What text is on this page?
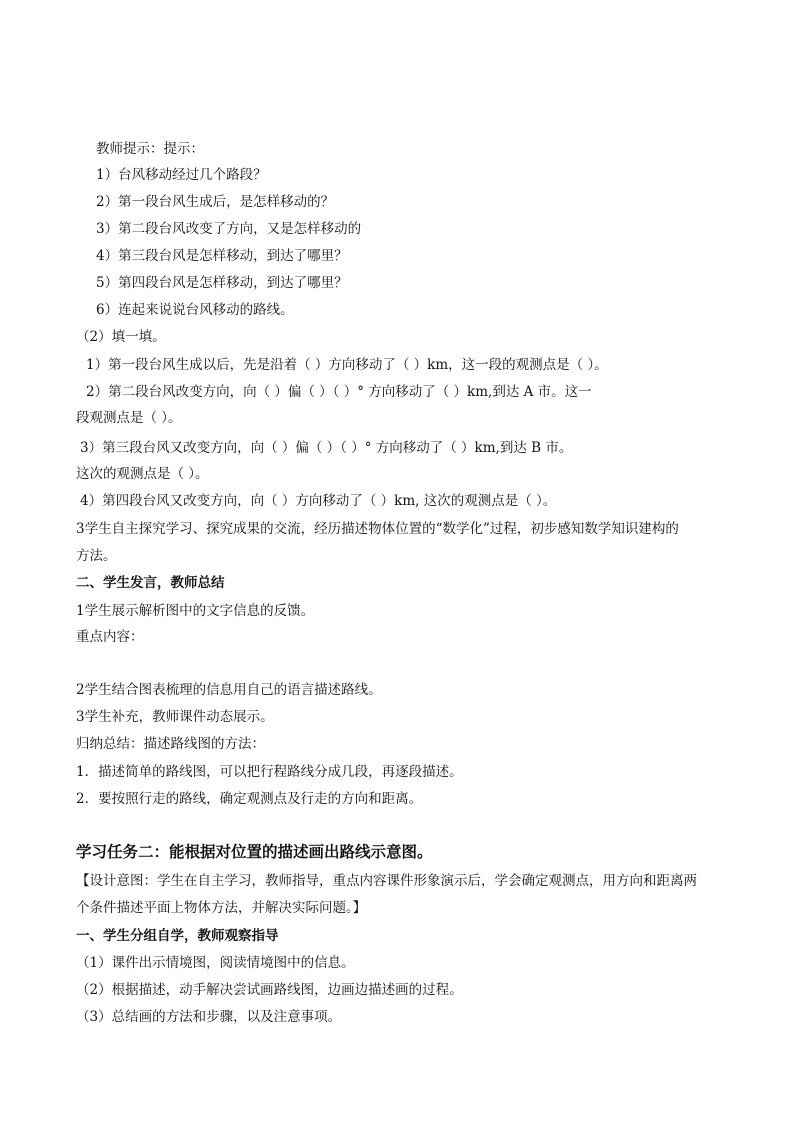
教师提示：提示：
1）台风移动经过几个路段？
2）第一段台风生成后，是怎样移动的？
3）第二段台风改变了方向，又是怎样移动的
4）第三段台风是怎样移动，到达了哪里？
5）第四段台风是怎样移动，到达了哪里？
6）连起来说说台风移动的路线。
（2）填一填。
1）第一段台风生成以后，先是沿着（ ）方向移动了（ ）km，这一段的观测点是（ ）。
2）第二段台风改变方向，向（ ）偏（ ）（ ）° 方向移动了（ ）km,到达 A 市。这一
段观测点是（ ）。
3）第三段台风又改变方向，向（ ）偏（ ）（ ）° 方向移动了（ ）km,到达 B 市。
这次的观测点是（ ）。
4）第四段台风又改变方向，向（ ）方向移动了（ ）km, 这次的观测点是（ ）。
3学生自主探究学习、探究成果的交流，经历描述物体位置的“数学化”过程，初步感知数学知识建构的
方法。
二、学生发言，教师总结
1学生展示解析图中的文字信息的反馈。
重点内容：
2学生结合图表梳理的信息用自己的语言描述路线。
3学生补充，教师课件动态展示。
归纳总结：描述路线图的方法：
1．描述简单的路线图，可以把行程路线分成几段，再逐段描述。
2．要按照行走的路线，确定观测点及行走的方向和距离。
学习任务二：能根据对位置的描述画出路线示意图。
【设计意图：学生在自主学习，教师指导，重点内容课件形象演示后，学会确定观测点，用方向和距离两
个条件描述平面上物体方法，并解决实际问题。】
一、学生分组自学，教师观察指导
（1）课件出示情境图，阅读情境图中的信息。
（2）根据描述，动手解决尝试画路线图，边画边描述画的过程。
（3）总结画的方法和步骤，以及注意事项。
